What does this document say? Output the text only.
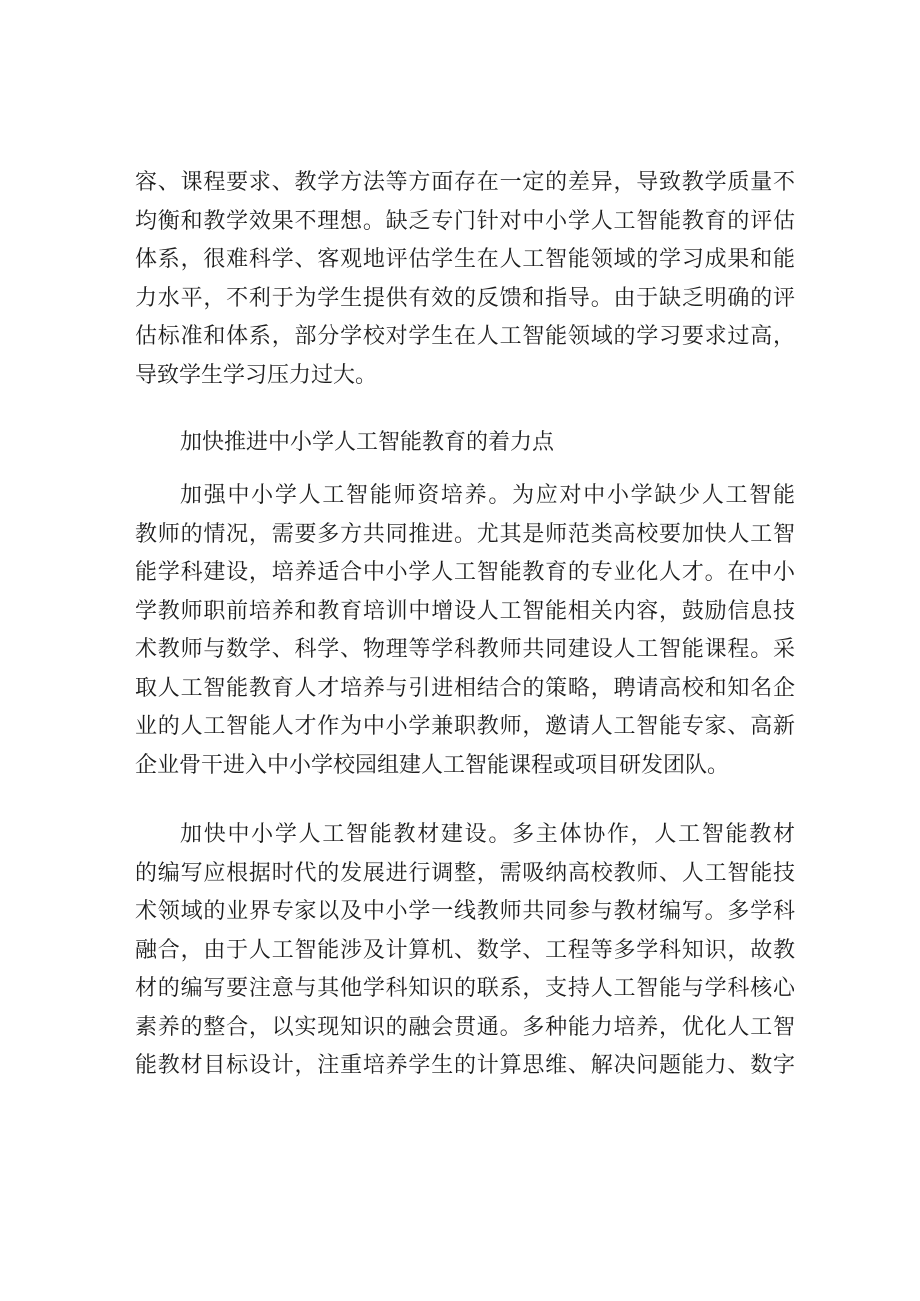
容、课程要求、教学方法等方面存在一定的差异，导致教学质量不
均衡和教学效果不理想。缺乏专门针对中小学人工智能教育的评估
体系，很难科学、客观地评估学生在人工智能领域的学习成果和能
力水平，不利于为学生提供有效的反馈和指导。由于缺乏明确的评
估标准和体系，部分学校对学生在人工智能领域的学习要求过高，
导致学生学习压力过大。
加快推进中小学人工智能教育的着力点
加强中小学人工智能师资培养。为应对中小学缺少人工智能
教师的情况，需要多方共同推进。尤其是师范类高校要加快人工智
能学科建设，培养适合中小学人工智能教育的专业化人才。在中小
学教师职前培养和教育培训中增设人工智能相关内容，鼓励信息技
术教师与数学、科学、物理等学科教师共同建设人工智能课程。采
取人工智能教育人才培养与引进相结合的策略，聘请高校和知名企
业的人工智能人才作为中小学兼职教师，邀请人工智能专家、高新
企业骨干进入中小学校园组建人工智能课程或项目研发团队。
加快中小学人工智能教材建设。多主体协作，人工智能教材
的编写应根据时代的发展进行调整，需吸纳高校教师、人工智能技
术领域的业界专家以及中小学一线教师共同参与教材编写。多学科
融合，由于人工智能涉及计算机、数学、工程等多学科知识，故教
材的编写要注意与其他学科知识的联系，支持人工智能与学科核心
素养的整合，以实现知识的融会贯通。多种能力培养，优化人工智
能教材目标设计，注重培养学生的计算思维、解决问题能力、数字
